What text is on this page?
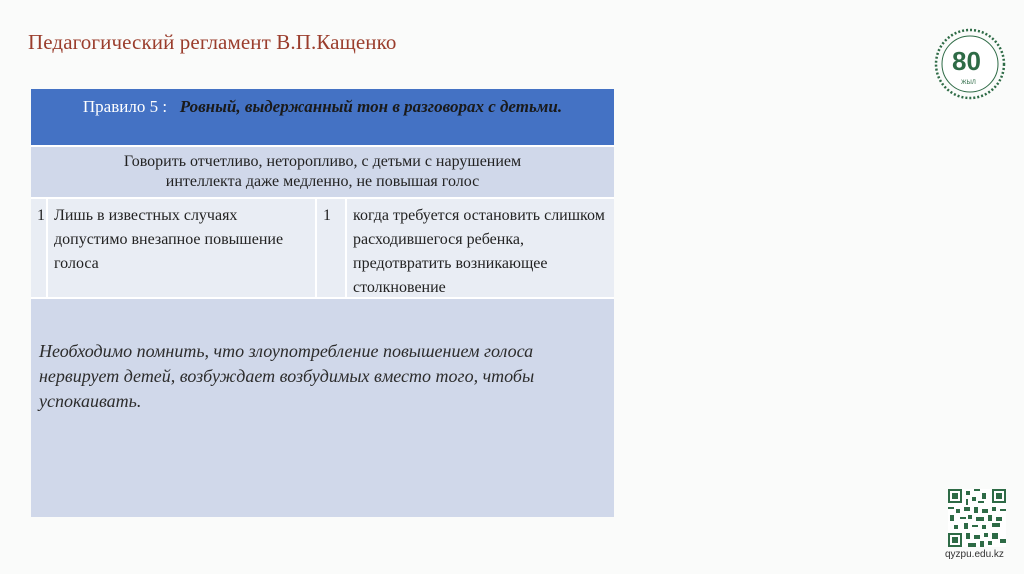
Педагогический регламент В.П.Кащенко
Правило 5 : Ровный, выдержанный тон в разговорах с детьми.
Говорить отчетливо, неторопливо, с детьми с нарушением
интеллекта даже медленно, не повышая голос
1 Лишь в известных случаях допустимо внезапное повышение голоса
1	когда требуется остановить слишком расходившегося ребенка, предотвратить возникающее столкновение
Необходимо помнить, что злоупотребление повышением голоса нервирует детей, возбуждает возбудимых вместо того, чтобы успокаивать.
80
ЖЫЛ
qyzpu.edu.kz
